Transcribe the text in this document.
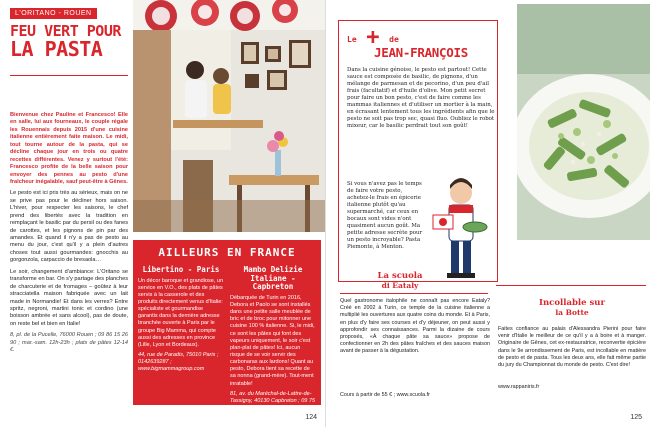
L'ORITANO - ROUEN
FEU VERT POUR
LA PASTA

Bienvenue chez Pauline et Francesco! Elle en salle, lui aux fourneaux, le couple régale les Rouennais depuis 2015 d'une cuisine italienne entièrement faite maison. Le midi, tout tourne autour de la pasta, qui se décline chaque jour en trois ou quatre recettes différentes. Venez y surtout l'été: Francesco profite de la belle saison pour envoyer des pennes au pesto d'une fraîcheur inégalable, sauf peut-être à Gênes.

Le pesto est ici pris très au sérieux, mais on ne se prive pas pour le décliner hors saison. L'hiver, pour respecter les saisons, le chef prend des libertés avec la tradition en remplaçant le basilic par du persil ou des fanes de carottes, et les pignons de pin par des amandes. Et quand il n'y a pas de pesto au menu du jour, c'est qu'il y a plein d'autres choses tout aussi gourmandes: gnocchis au gorgonzola, carpaccio de bresaola…

Le soir, changement d'ambiance: L'Oritano se transforme en bar. On s'y partage des planches de charcuterie et de fromages – goûtez à leur stracciatella maison fabriquée avec un lait made in Normandie! Et dans les verres? Entre spritz, negroni, martini tonic et cordino (une boisson ambrée et sans alcool), pas de doute, on reste bel et bien en Italie!

8, pl. de la Pucelle, 76000 Rouen ; 09 86 15 26 90 ; mar.-sam. 12h-23h ; plats de pâtes 12-14 €.

AILLEURS EN FRANCE
Libertino - Paris

Un décor baroque et grandiose, un service en V.O., des plats de pâtes servis à la casserole et des produits directement venus d'Italie: spécialiste et gourmandise garantis dans la dernière adresse branchée ouverte à Paris par le groupe Big Mamma, qui compte aussi des adresses en province (Lille, Lyon et Bordeaux).

44, rue de Paradis, 75010 Paris ; 0142639287 ; www.bigmammagroup.com
Mambo Delizie
Italiane - Capbreton

Débarquée de Turin en 2016, Debora et Paolo se sont installés dans une petite salle meublée de bric et de broc pour mitonner une cuisine 100 % italienne. Si, le midi, ce sont les pâtes qui font des vapeurs uniquement, le soir c'est plan-plat de pâtes! Ici, aucun risque de se voir servir des carbonaras aux lardons! Quant au pesto, Debora tient sa recette de sa nonna (grand-mère). Tout-ment inratable!

81, av. du Maréchal-de-Lattre-de-Tassigny, 40130 Capbreton ; 09 75 29 34 13.
124
Le + de
JEAN-FRANÇOIS
Dans la cuisine génoise, le pesto est partout! Cette sauce est composée de basilic, de pignons, d'un mélange de parmesan et de pecorino, d'un peu d'ail frais (facultatif) et d'huile d'olive. Mon petit secret pour faire un bon pesto, c'est de faire comme les mammas italiennes et d'utiliser un mortier à la main, en écrasant lentement tous les ingrédients afin que le pesto ne soit pas trop sec, quasi fluo. Oubliez le robot mixeur, car le basilic perdrait tout son goût!
Si vous n'avez pas le temps de faire votre pesto, achetez-le frais en épicerie italienne plutôt qu'au supermarché, car ceux en bocaux sont vides n'ont quasiment aucun goût. Ma petite adresse secrète pour un pesto incroyable? Pasta Piemonte, à Menton.
La scuola
di Eataly
Quel gastronome italophile ne connaît pas encore Eataly? Créé en 2002 à Turin, ce temple de la cuisine italienne a multiplié les ouvertures aux quatre coins du monde. Et à Paris, en plus d'y faire ses courses et d'y déjeuner, on peut aussi y approfondir ses connaissances. Parmi la dizaine de cours proposés, «À chaque pâte sa sauce» propose de confectionner en 2h des pâtes fraîches et des sauces maison avant de passer à la dégustation.
Cours à partir de 55 € ; www.scuola.fr
Incollable sur
la Botte
Faites confiance au palais d'Alessandra Pierini pour faire venir d'Italie le meilleur de ce qu'il y a à boire et à manger. Originaire de Gênes, cet ex-restauratrice, reconvertie épicière dans le 9e arrondissement de Paris, est incollable en matière de pesto et de pasta. Tous les deux ans, elle fait même partie du jury du Championnat du monde de pesto. C'est dire!
www.rappaniris.fr
125
